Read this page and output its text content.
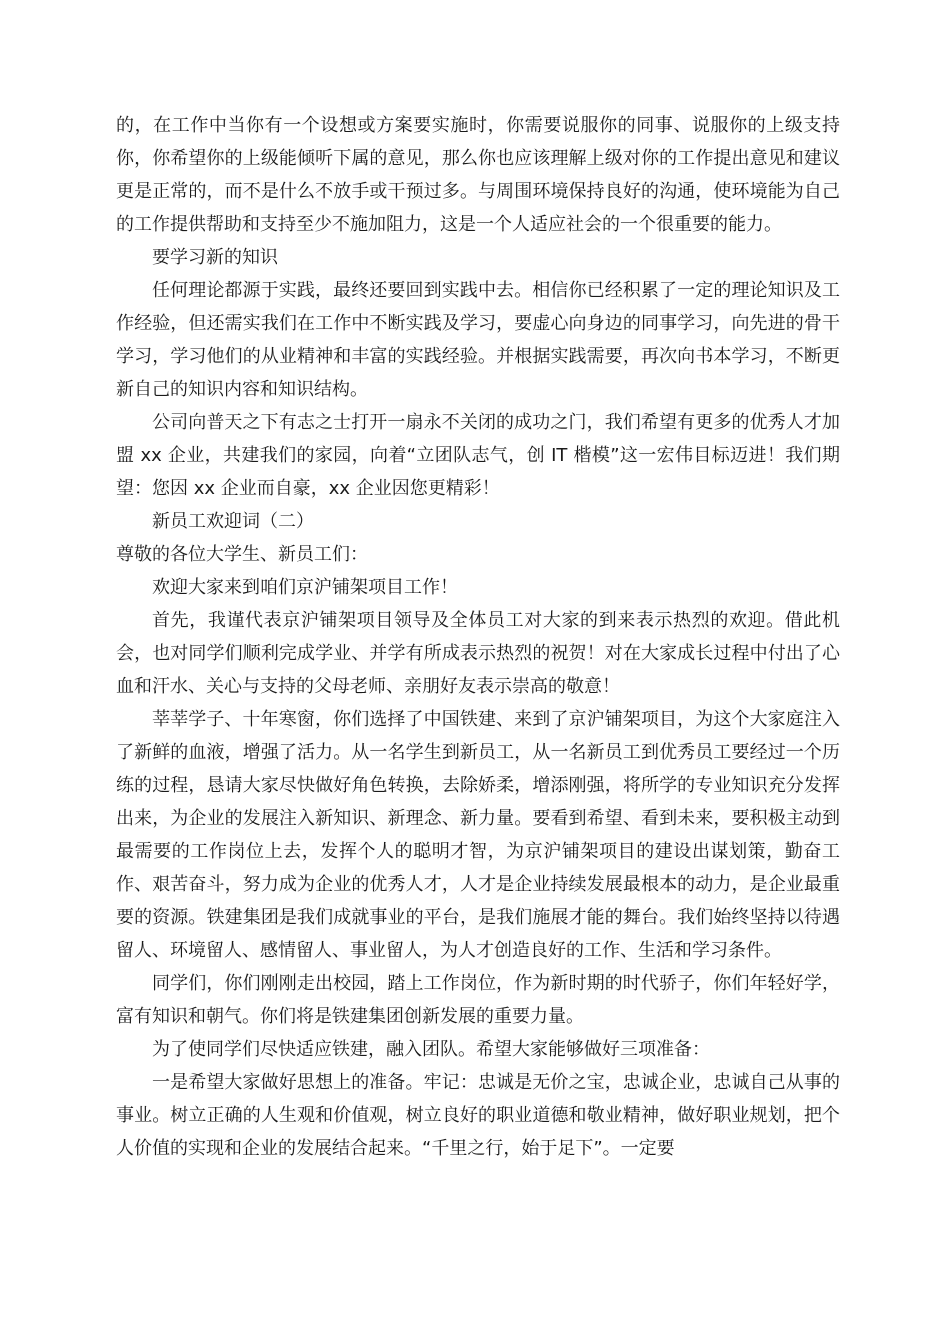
的，在工作中当你有一个设想或方案要实施时，你需要说服你的同事、说服你的上级支持你，你希望你的上级能倾听下属的意见，那么你也应该理解上级对你的工作提出意见和建议更是正常的，而不是什么不放手或干预过多。与周围环境保持良好的沟通，使环境能为自己的工作提供帮助和支持至少不施加阻力，这是一个人适应社会的一个很重要的能力。

要学习新的知识

任何理论都源于实践，最终还要回到实践中去。相信你已经积累了一定的理论知识及工作经验，但还需实我们在工作中不断实践及学习，要虚心向身边的同事学习，向先进的骨干学习，学习他们的从业精神和丰富的实践经验。并根据实践需要，再次向书本学习，不断更新自己的知识内容和知识结构。

公司向普天之下有志之士打开一扇永不关闭的成功之门，我们希望有更多的优秀人才加盟 xx 企业，共建我们的家园，向着“立团队志气，创 IT 楷模”这一宏伟目标迈进！我们期望：您因 xx 企业而自豪，xx 企业因您更精彩！

新员工欢迎词（二）

尊敬的各位大学生、新员工们：

欢迎大家来到咱们京沪铺架项目工作！

首先，我谨代表京沪铺架项目领导及全体员工对大家的到来表示热烈的欢迎。借此机会，也对同学们顺利完成学业、并学有所成表示热烈的祝贺！对在大家成长过程中付出了心血和汗水、关心与支持的父母老师、亲朋好友表示崇高的敬意！

莘莘学子、十年寒窗，你们选择了中国铁建、来到了京沪铺架项目，为这个大家庭注入了新鲜的血液，增强了活力。从一名学生到新员工，从一名新员工到优秀员工要经过一个历练的过程，恳请大家尽快做好角色转换，去除娇柔，增添刚强，将所学的专业知识充分发挥出来，为企业的发展注入新知识、新理念、新力量。要看到希望、看到未来，要积极主动到最需要的工作岗位上去，发挥个人的聪明才智，为京沪铺架项目的建设出谋划策，勤奋工作、艰苦奋斗，努力成为企业的优秀人才，人才是企业持续发展最根本的动力，是企业最重要的资源。铁建集团是我们成就事业的平台，是我们施展才能的舞台。我们始终坚持以待遇留人、环境留人、感情留人、事业留人，为人才创造良好的工作、生活和学习条件。

同学们，你们刚刚走出校园，踏上工作岗位，作为新时期的时代骄子，你们年轻好学，富有知识和朝气。你们将是铁建集团创新发展的重要力量。

为了使同学们尽快适应铁建，融入团队。希望大家能够做好三项准备：

一是希望大家做好思想上的准备。牢记：忠诚是无价之宝，忠诚企业，忠诚自己从事的事业。树立正确的人生观和价值观，树立良好的职业道德和敬业精神，做好职业规划，把个人价值的实现和企业的发展结合起来。“千里之行，始于足下”。一定要
